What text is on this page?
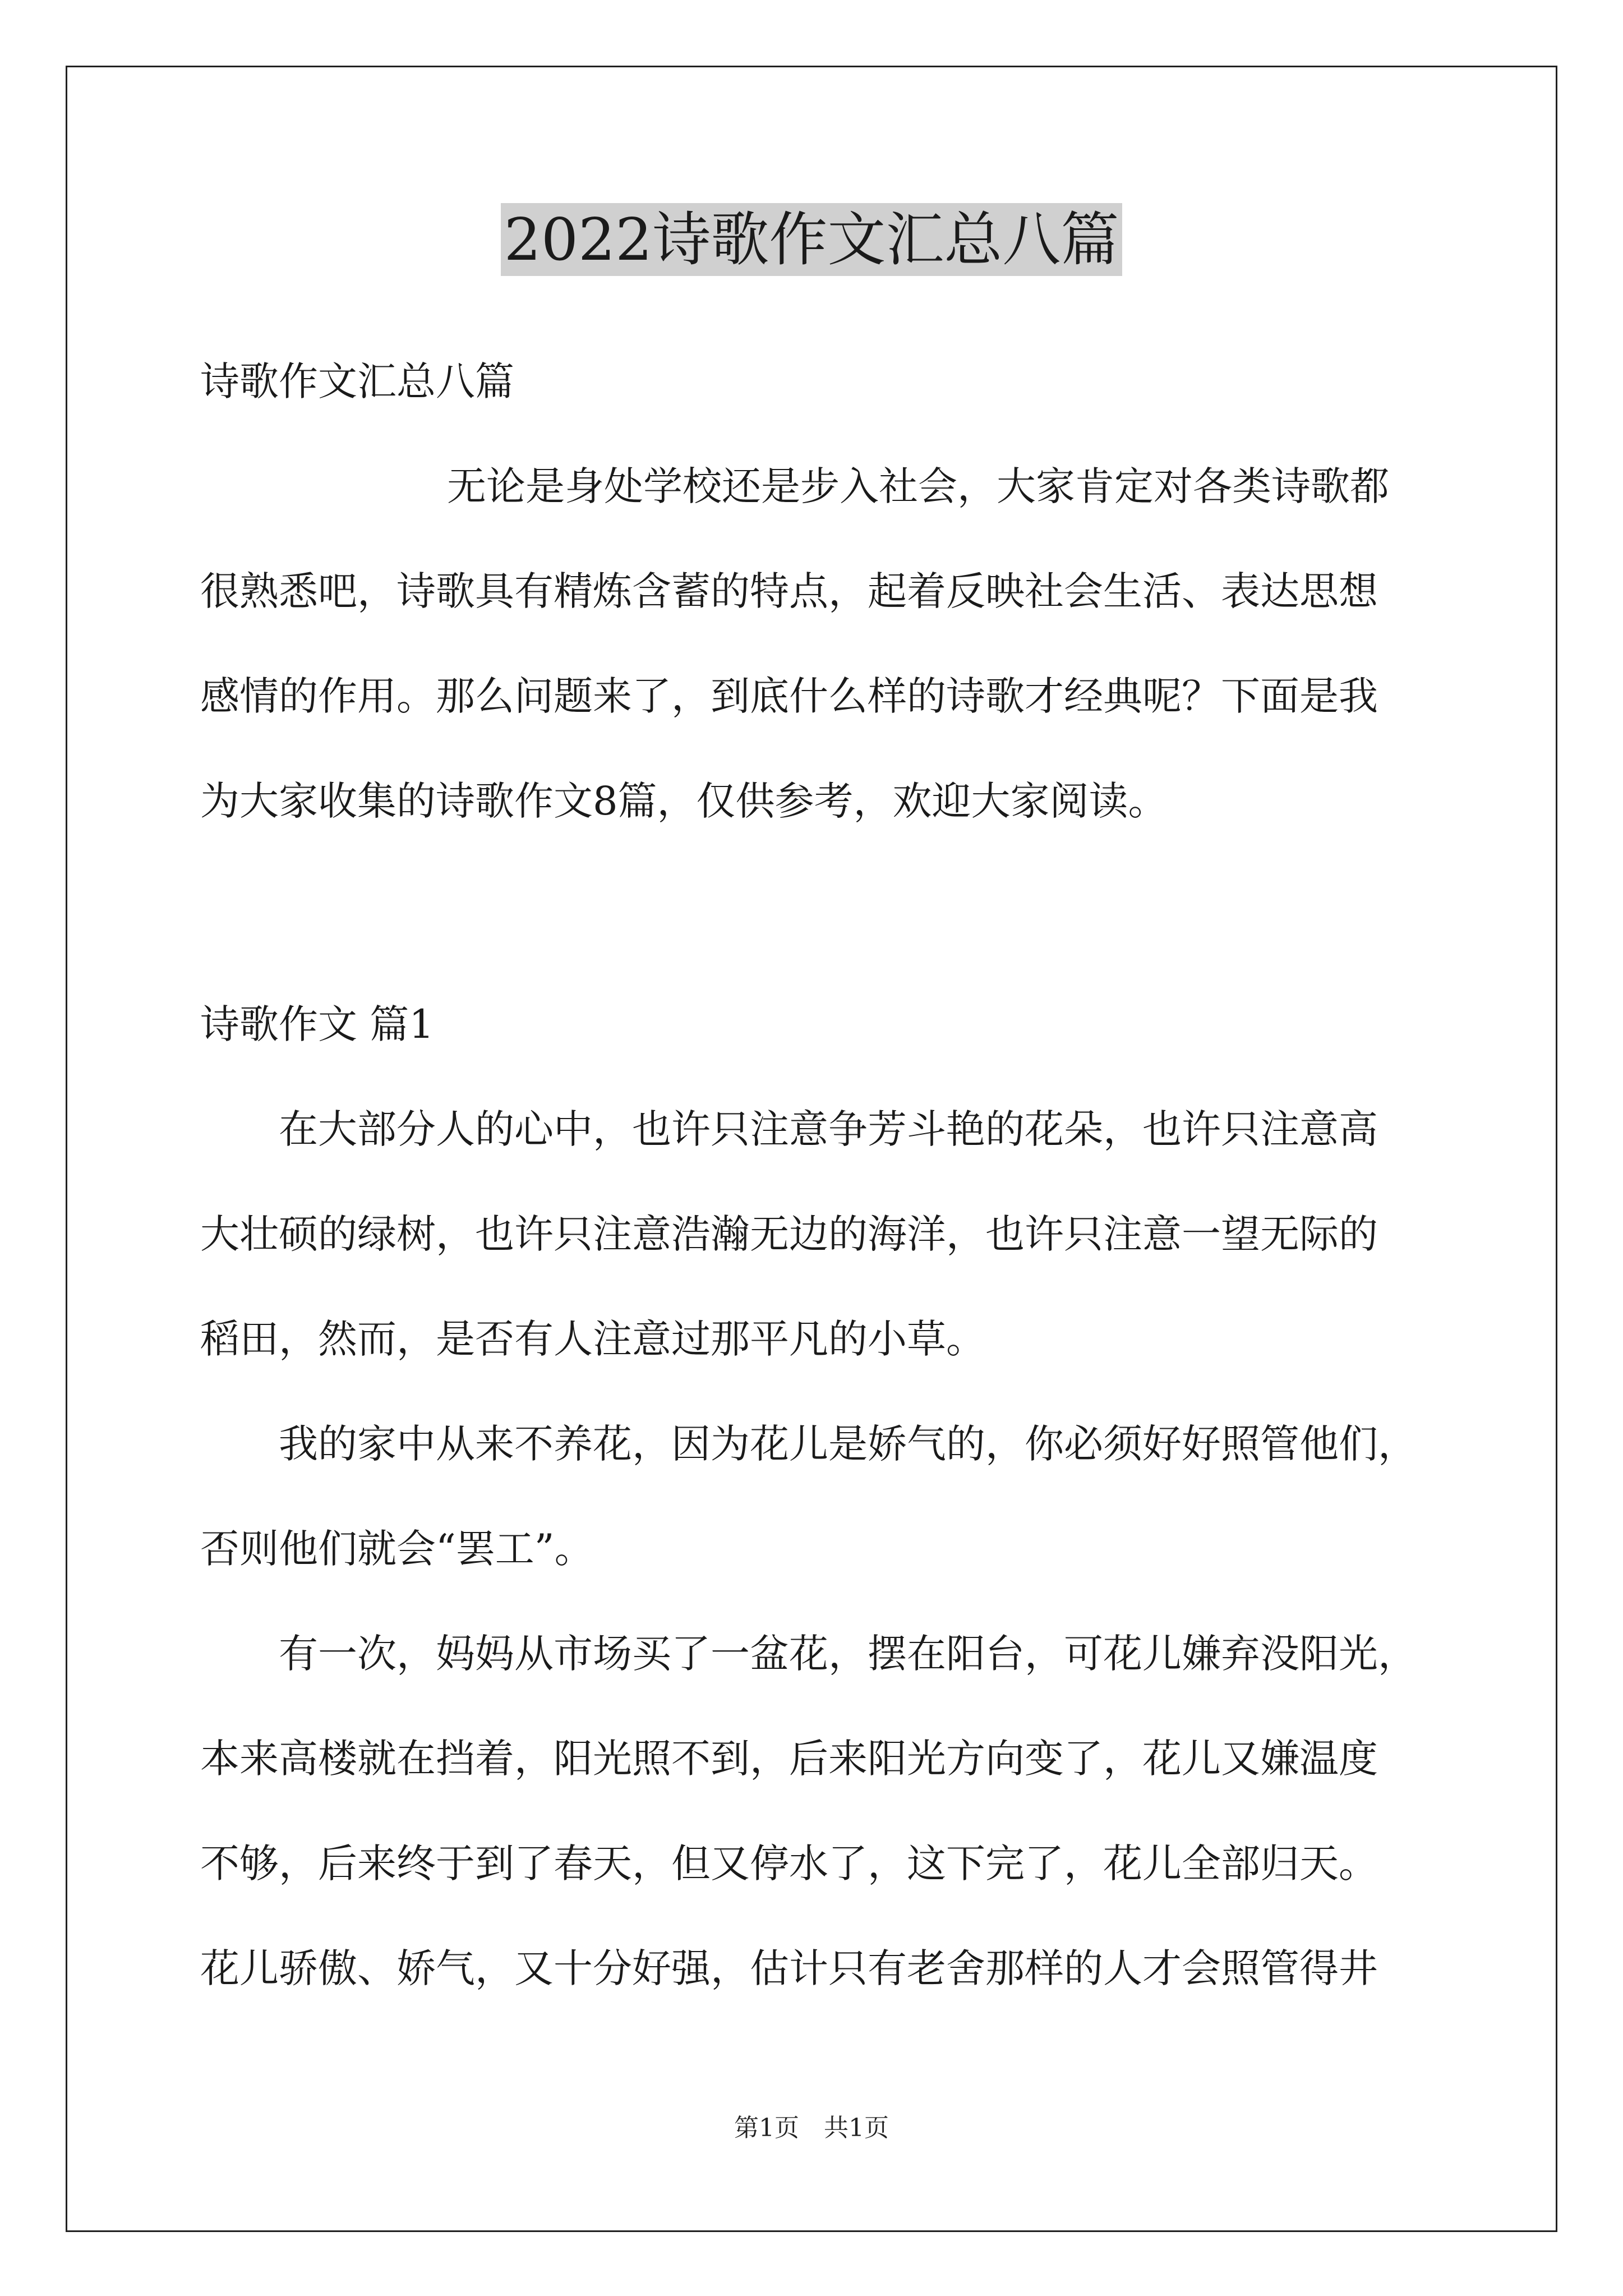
2022诗歌作文汇总八篇

诗歌作文汇总八篇

无论是身处学校还是步入社会，大家肯定对各类诗歌都

很熟悉吧，诗歌具有精炼含蓄的特点，起着反映社会生活、表达思想

感情的作用。那么问题来了，到底什么样的诗歌才经典呢？下面是我

为大家收集的诗歌作文8篇，仅供参考，欢迎大家阅读。

诗歌作文 篇1

在大部分人的心中，也许只注意争芳斗艳的花朵，也许只注意高

大壮硕的绿树，也许只注意浩瀚无边的海洋，也许只注意一望无际的

稻田，然而，是否有人注意过那平凡的小草。

我的家中从来不养花，因为花儿是娇气的，你必须好好照管他们，

否则他们就会“罢工”。

有一次，妈妈从市场买了一盆花，摆在阳台，可花儿嫌弃没阳光，

本来高楼就在挡着，阳光照不到，后来阳光方向变了，花儿又嫌温度

不够，后来终于到了春天，但又停水了，这下完了，花儿全部归天。

花儿骄傲、娇气，又十分好强，估计只有老舍那样的人才会照管得井

第1页　共1页
